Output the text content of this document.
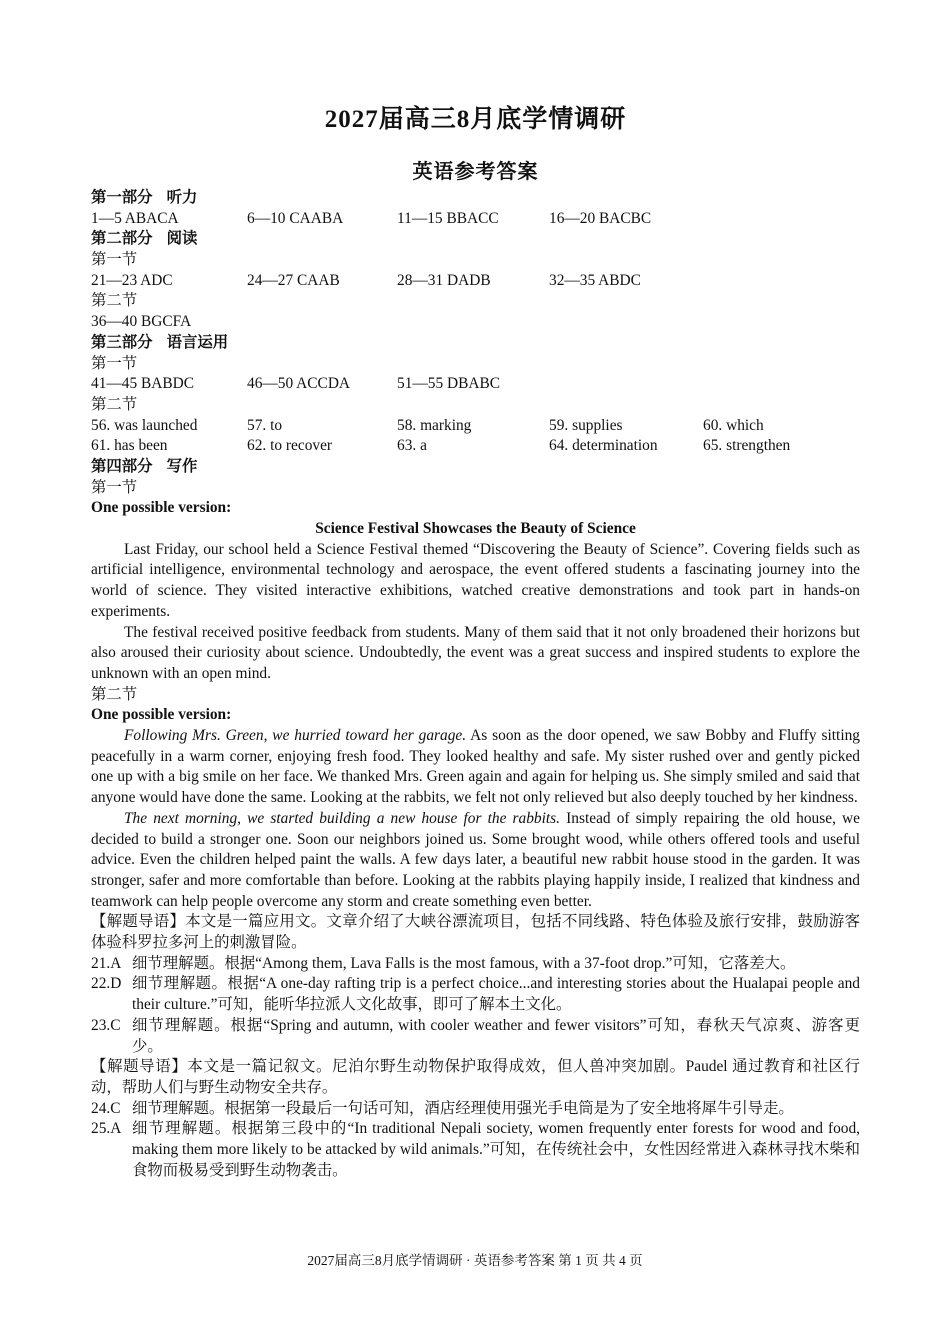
2027届高三8月底学情调研
英语参考答案
第一部分 听力
1—5 ABACA	6—10 CAABA	11—15 BBACC	16—20 BACBC
第二部分 阅读
第一节
21—23 ADC	24—27 CAAB	28—31 DADB	32—35 ABDC
第二节
36—40 BGCFA
第三部分 语言运用
第一节
41—45 BABDC	46—50 ACCDA	51—55 DBABC
第二节
56. was launched	57. to	58. marking	59. supplies	60. which
61. has been	62. to recover	63. a	64. determination	65. strengthen
第四部分 写作
第一节
One possible version:
Science Festival Showcases the Beauty of Science
Last Friday, our school held a Science Festival themed “Discovering the Beauty of Science”. Covering fields such as artificial intelligence, environmental technology and aerospace, the event offered students a fascinating journey into the world of science. They visited interactive exhibitions, watched creative demonstrations and took part in hands-on experiments.
The festival received positive feedback from students. Many of them said that it not only broadened their horizons but also aroused their curiosity about science. Undoubtedly, the event was a great success and inspired students to explore the unknown with an open mind.
第二节
One possible version:
Following Mrs. Green, we hurried toward her garage. As soon as the door opened, we saw Bobby and Fluffy sitting peacefully in a warm corner, enjoying fresh food. They looked healthy and safe. My sister rushed over and gently picked one up with a big smile on her face. We thanked Mrs. Green again and again for helping us. She simply smiled and said that anyone would have done the same. Looking at the rabbits, we felt not only relieved but also deeply touched by her kindness.
The next morning, we started building a new house for the rabbits. Instead of simply repairing the old house, we decided to build a stronger one. Soon our neighbors joined us. Some brought wood, while others offered tools and useful advice. Even the children helped paint the walls. A few days later, a beautiful new rabbit house stood in the garden. It was stronger, safer and more comfortable than before. Looking at the rabbits playing happily inside, I realized that kindness and teamwork can help people overcome any storm and create something even better.
【解题导语】本文是一篇应用文。文章介绍了大峡谷漂流项目，包括不同线路、特色体验及旅行安排，鼓励游客体验科罗拉多河上的刺激冒险。
21.A 细节理解题。根据“Among them, Lava Falls is the most famous, with a 37-foot drop.”可知，它落差大。
22.D 细节理解题。根据“A one-day rafting trip is a perfect choice...and interesting stories about the Hualapai people and their culture.”可知，能听华拉派人文化故事，即可了解本土文化。
23.C 细节理解题。根据“Spring and autumn, with cooler weather and fewer visitors”可知，春秋天气凉爽、游客更少。
【解题导语】本文是一篇记叙文。尼泊尔野生动物保护取得成效，但人兽冲突加剧。Paudel 通过教育和社区行动，帮助人们与野生动物安全共存。
24.C 细节理解题。根据第一段最后一句话可知，酒店经理使用强光手电筒是为了安全地将犀牛引导走。
25.A 细节理解题。根据第三段中的“In traditional Nepali society, women frequently enter forests for wood and food, making them more likely to be attacked by wild animals.”可知，在传统社会中，女性因经常进入森林寻找木柴和食物而极易受到野生动物袭击。
2027届高三8月底学情调研 · 英语参考答案 第 1 页 共 4 页
